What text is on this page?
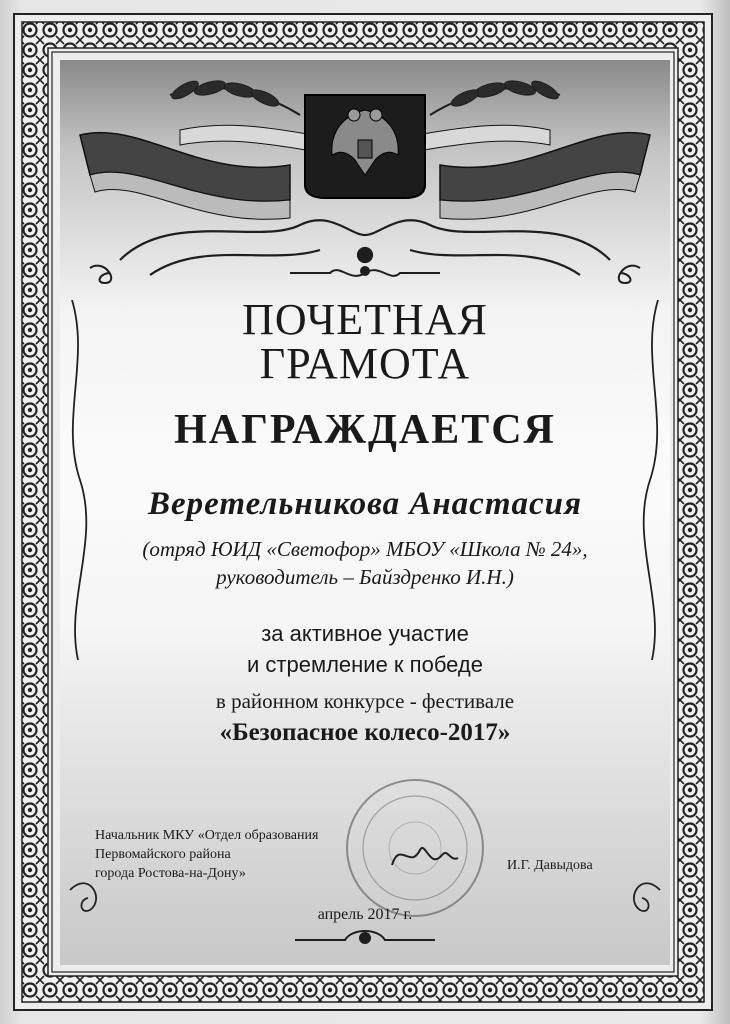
ПОЧЕТНАЯ
ГРАМОТА
НАГРАЖДАЕТСЯ
Веретельникова Анастасия
(отряд ЮИД «Светофор» МБОУ «Школа № 24»,
руководитель – Байздренко И.Н.)
за активное участие
и стремление к победе
в районном конкурсе - фестивале
«Безопасное колесо-2017»
Начальник МКУ «Отдел образования
Первомайского района
города Ростова-на-Дону»
И.Г. Давыдова
апрель 2017 г.
